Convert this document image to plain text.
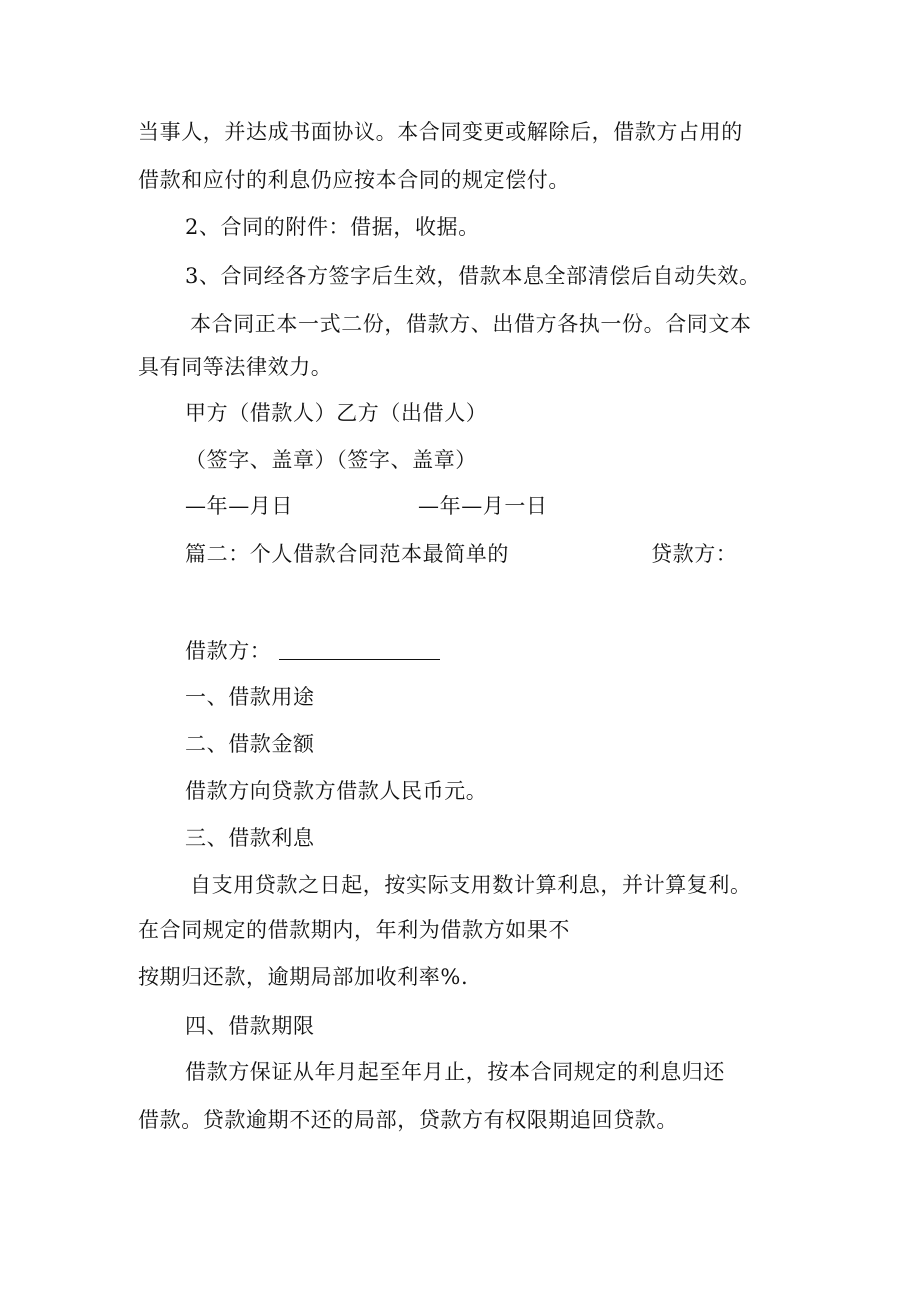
当事人，并达成书面协议。本合同变更或解除后，借款方占用的
借款和应付的利息仍应按本合同的规定偿付。
2、合同的附件：借据，收据。
3、合同经各方签字后生效，借款本息全部清偿后自动失效。
本合同正本一式二份，借款方、出借方各执一份。合同文本
具有同等法律效力。
甲方（借款人）乙方（出借人）
（签字、盖章）（签字、盖章）
—年—月日	—年—月一日
篇二：个人借款合同范本最简单的	贷款方：
借款方：
一、借款用途
二、借款金额
借款方向贷款方借款人民币元。
三、借款利息
自支用贷款之日起，按实际支用数计算利息，并计算复利。
在合同规定的借款期内，年利为借款方如果不
按期归还款，逾期局部加收利率%.
四、借款期限
借款方保证从年月起至年月止，按本合同规定的利息归还
借款。贷款逾期不还的局部，贷款方有权限期追回贷款。
